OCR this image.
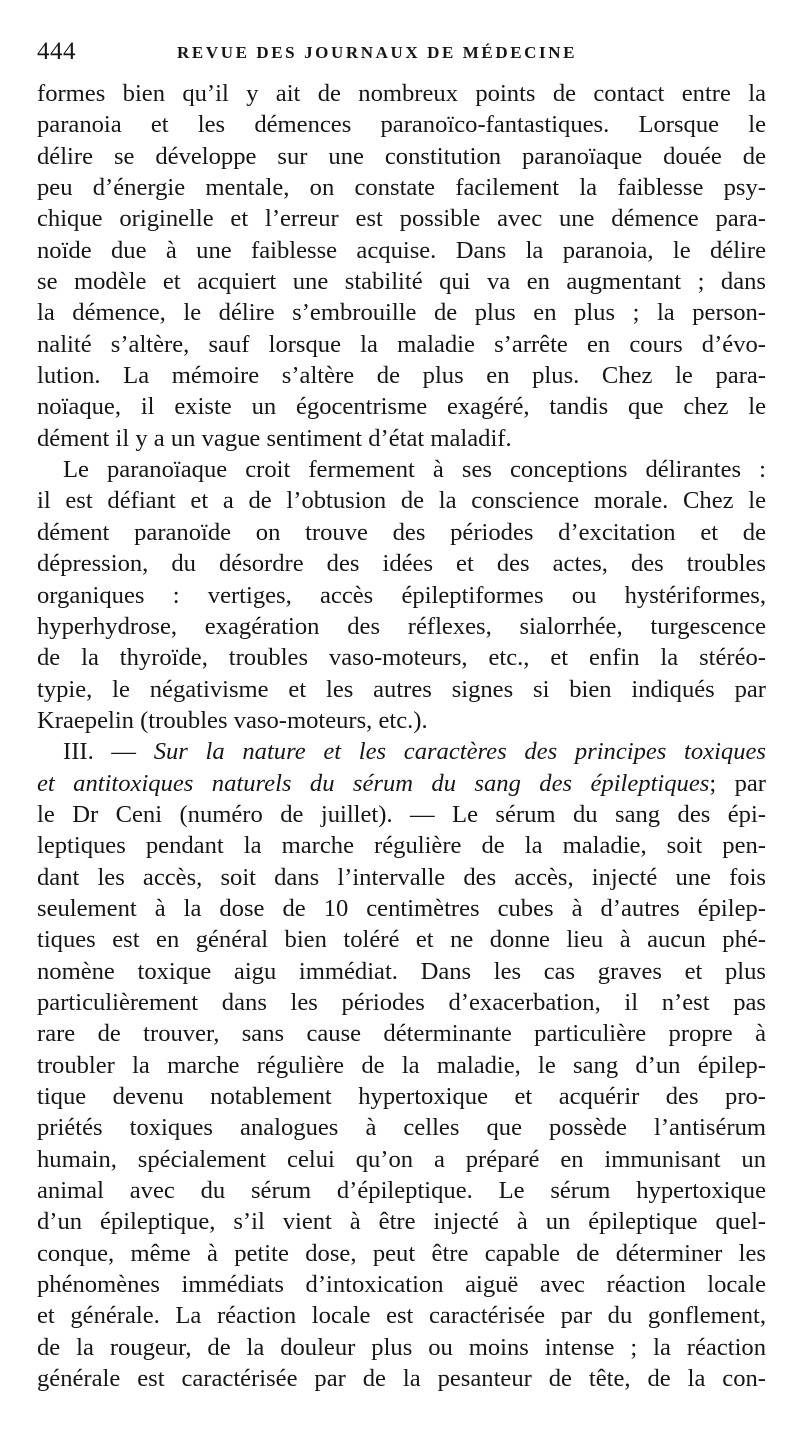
444	REVUE DES JOURNAUX DE MÉDECINE
formes bien qu’il y ait de nombreux points de contact entre la
paranoia et les démences paranoïco-fantastiques. Lorsque le
délire se développe sur une constitution paranoïaque douée de
peu d’énergie mentale, on constate facilement la faiblesse psy-
chique originelle et l’erreur est possible avec une démence para-
noïde due à une faiblesse acquise. Dans la paranoia, le délire
se modèle et acquiert une stabilité qui va en augmentant ; dans
la démence, le délire s’embrouille de plus en plus ; la person-
nalité s’altère, sauf lorsque la maladie s’arrête en cours d’évo-
lution. La mémoire s’altère de plus en plus. Chez le para-
noïaque, il existe un égocentrisme exagéré, tandis que chez le
dément il y a un vague sentiment d’état maladif.
Le paranoïaque croit fermement à ses conceptions délirantes :
il est défiant et a de l’obtusion de la conscience morale. Chez le
dément paranoïde on trouve des périodes d’excitation et de
dépression, du désordre des idées et des actes, des troubles
organiques : vertiges, accès épileptiformes ou hystériformes,
hyperhydrose, exagération des réflexes, sialorrhée, turgescence
de la thyroïde, troubles vaso-moteurs, etc., et enfin la stéréo-
typie, le négativisme et les autres signes si bien indiqués par
Kraepelin (troubles vaso-moteurs, etc.).
III. — Sur la nature et les caractères des principes toxiques
et antitoxiques naturels du sérum du sang des épileptiques; par
le Dr Ceni (numéro de juillet). — Le sérum du sang des épi-
leptiques pendant la marche régulière de la maladie, soit pen-
dant les accès, soit dans l’intervalle des accès, injecté une fois
seulement à la dose de 10 centimètres cubes à d’autres épilep-
tiques est en général bien toléré et ne donne lieu à aucun phé-
nomène toxique aigu immédiat. Dans les cas graves et plus
particulièrement dans les périodes d’exacerbation, il n’est pas
rare de trouver, sans cause déterminante particulière propre à
troubler la marche régulière de la maladie, le sang d’un épilep-
tique devenu notablement hypertoxique et acquérir des pro-
priétés toxiques analogues à celles que possède l’antisérum
humain, spécialement celui qu’on a préparé en immunisant un
animal avec du sérum d’épileptique. Le sérum hypertoxique
d’un épileptique, s’il vient à être injecté à un épileptique quel-
conque, même à petite dose, peut être capable de déterminer les
phénomènes immédiats d’intoxication aiguë avec réaction locale
et générale. La réaction locale est caractérisée par du gonflement,
de la rougeur, de la douleur plus ou moins intense ; la réaction
générale est caractérisée par de la pesanteur de tête, de la con-
